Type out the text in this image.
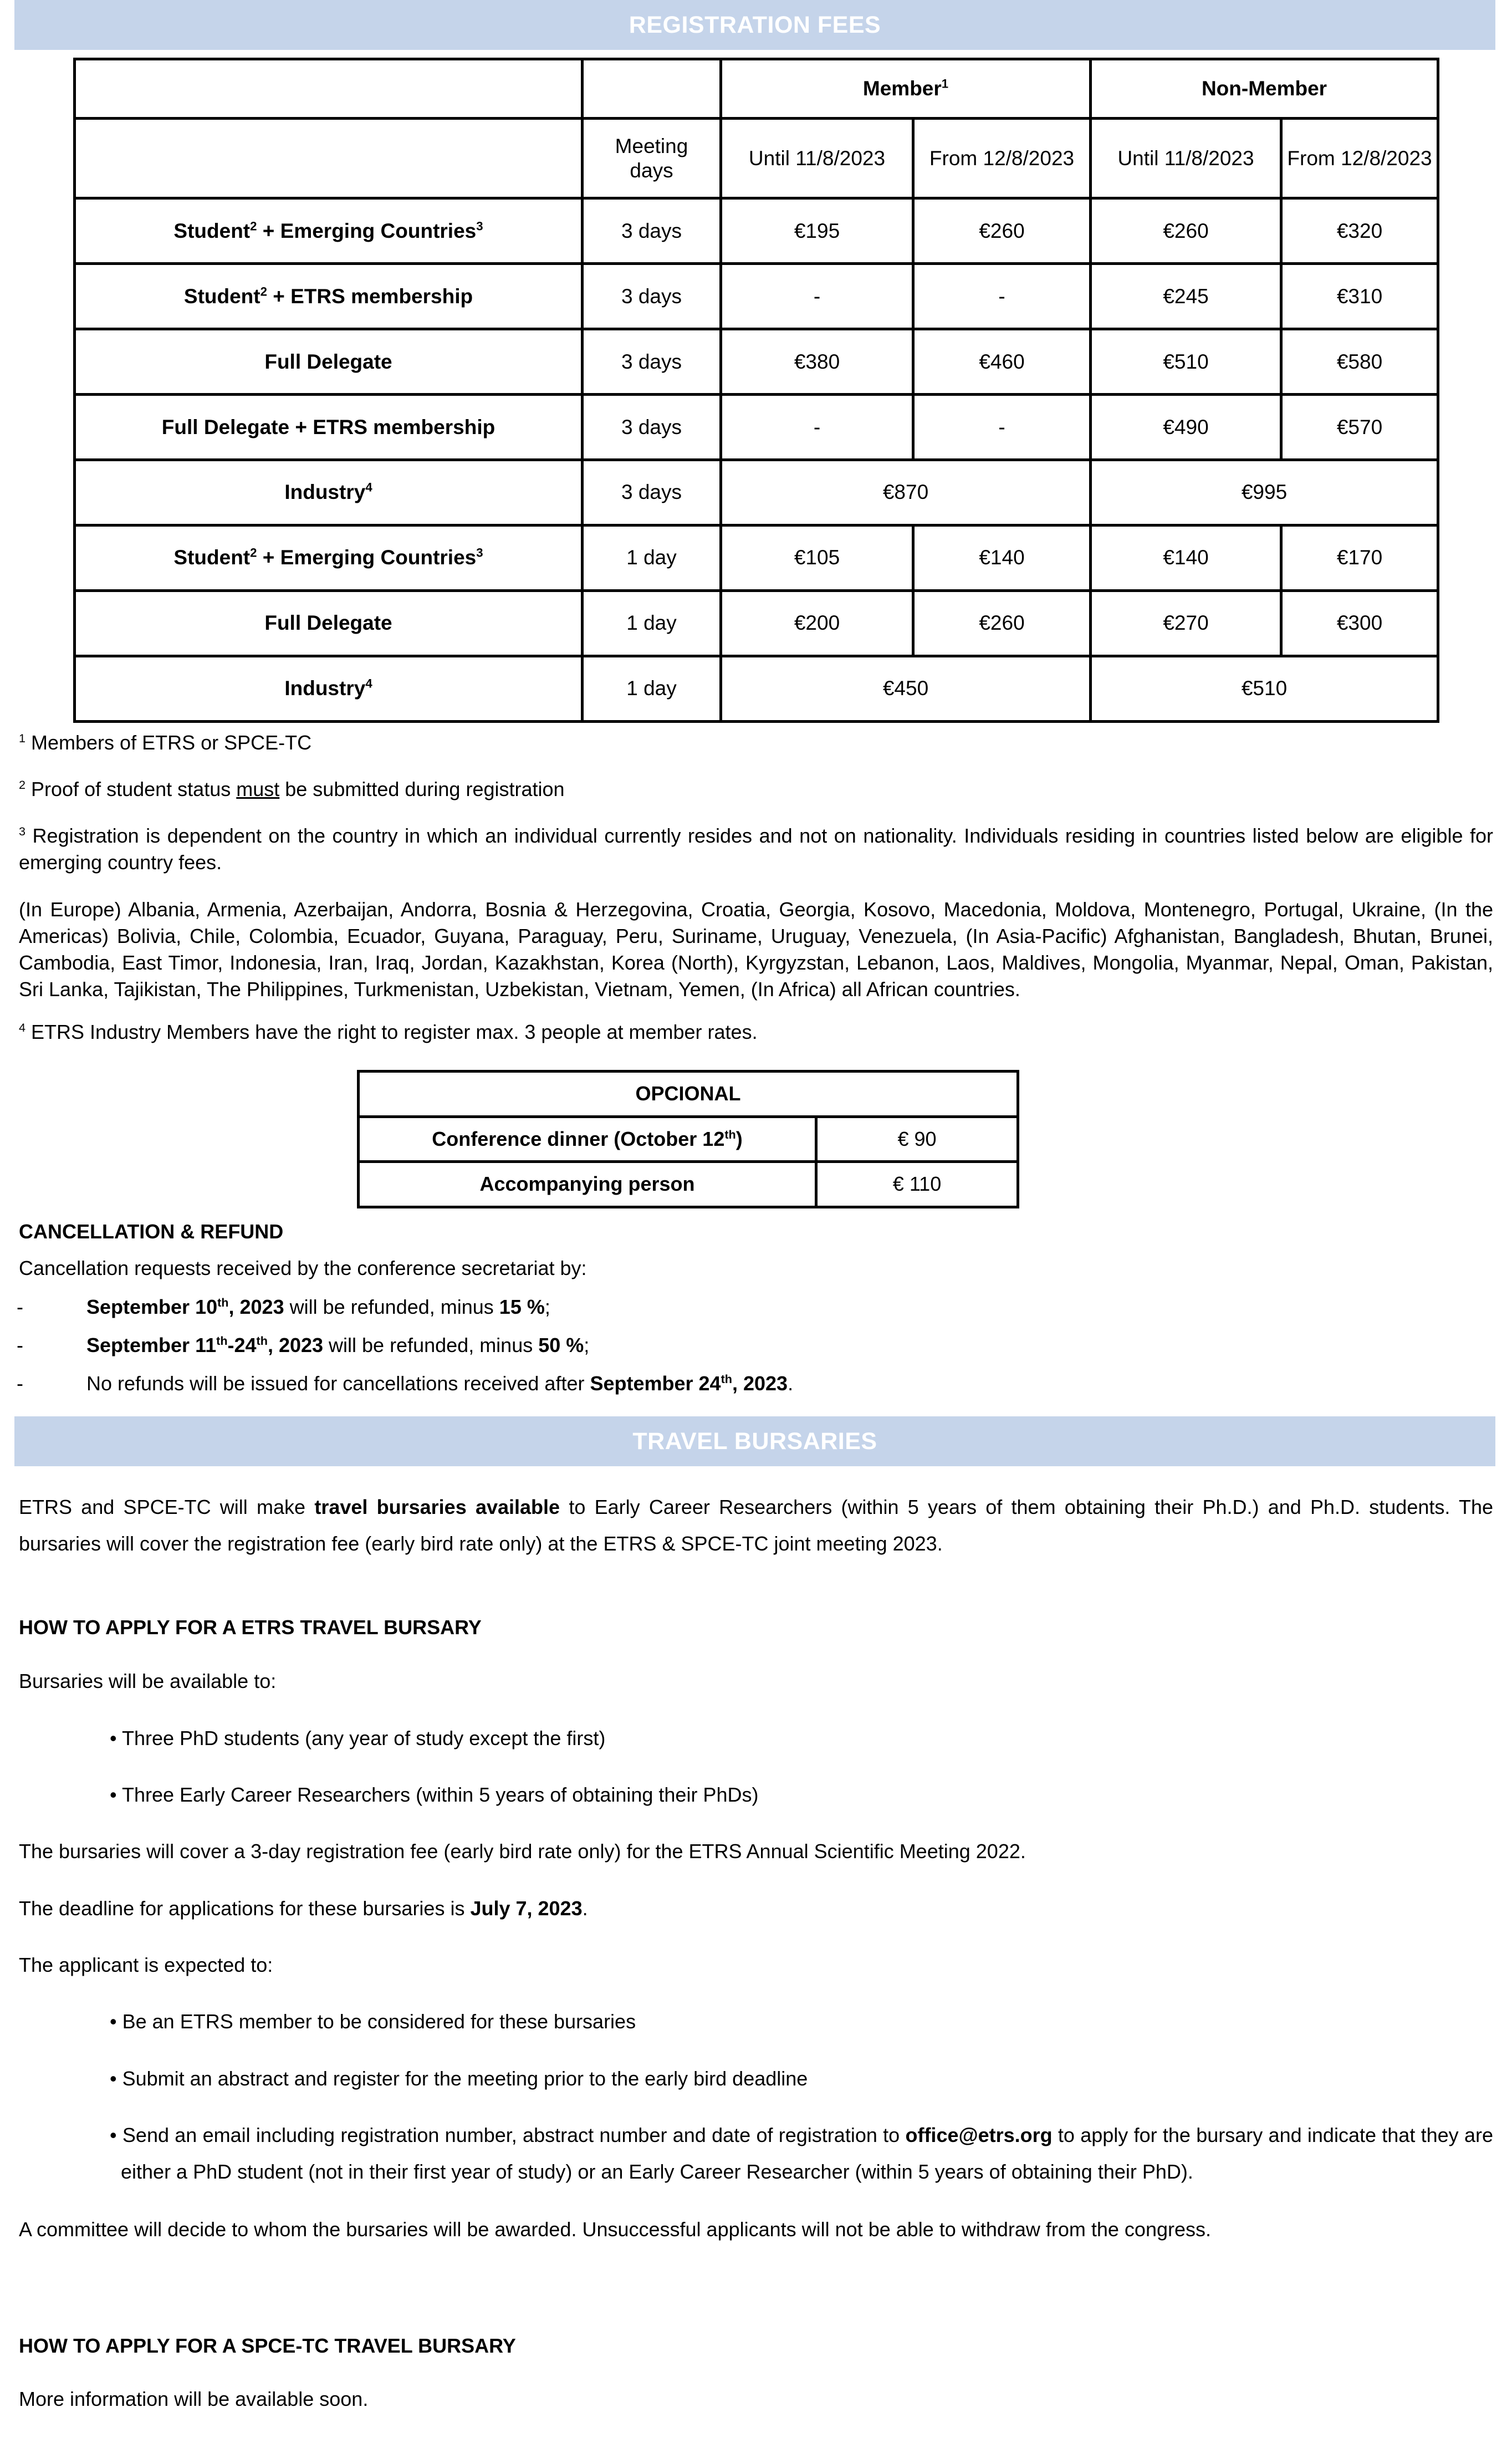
REGISTRATION FEES
		Member$^1$		Non-Member	

	Meeting days	Until 11/8/2023	From 12/8/2023	Until 11/8/2023	From 12/8/2023
Student$^2$ + Emerging Countries$^3$	3 days	€195	€260	€260	€320
Student$^2$ + ETRS membership	3 days	-	-	€245	€310
Full Delegate	3 days	€380	€460	€510	€580
Full Delegate + ETRS membership	3 days	-	-	€490	€570
Industry$^4$	3 days	€870		€995	
Student$^2$ + Emerging Countries$^3$	1 day	€105	€140	€140	€170
Full Delegate	1 day	€200	€260	€270	€300
Industry$^4$	1 day	€450		€510	
$^1$ Members of ETRS or SPCE-TC
$^2$ Proof of student status must be submitted during registration
$^3$ Registration is dependent on the country in which an individual currently resides and not on nationality. Individuals residing in countries listed below are eligible for emerging country fees.
(In Europe) Albania, Armenia, Azerbaijan, Andorra, Bosnia & Herzegovina, Croatia, Georgia, Kosovo, Macedonia, Moldova, Montenegro, Portugal, Ukraine, (In the Americas) Bolivia, Chile, Colombia, Ecuador, Guyana, Paraguay, Peru, Suriname, Uruguay, Venezuela, (In Asia-Pacific) Afghanistan, Bangladesh, Bhutan, Brunei, Cambodia, East Timor, Indonesia, Iran, Iraq, Jordan, Kazakhstan, Korea (North), Kyrgyzstan, Lebanon, Laos, Maldives, Mongolia, Myanmar, Nepal, Oman, Pakistan, Sri Lanka, Tajikistan, The Philippines, Turkmenistan, Uzbekistan, Vietnam, Yemen, (In Africa) all African countries.
$^4$ ETRS Industry Members have the right to register max. 3 people at member rates.
OPCIONAL	
Conference dinner (October 12th)	€ 90
Accompanying person	€ 110
CANCELLATION & REFUND
Cancellation requests received by the conference secretariat by:
-	September 10th, 2023 will be refunded, minus 15 %;
-	September 11th-24th, 2023 will be refunded, minus 50 %;
-	No refunds will be issued for cancellations received after September 24th, 2023.
TRAVEL BURSARIES
ETRS and SPCE-TC will make travel bursaries available to Early Career Researchers (within 5 years of them obtaining their Ph.D.) and Ph.D. students. The bursaries will cover the registration fee (early bird rate only) at the ETRS & SPCE-TC joint meeting 2023.
HOW TO APPLY FOR A ETRS TRAVEL BURSARY
Bursaries will be available to:
• Three PhD students (any year of study except the first)
• Three Early Career Researchers (within 5 years of obtaining their PhDs)
The bursaries will cover a 3-day registration fee (early bird rate only) for the ETRS Annual Scientific Meeting 2022.
The deadline for applications for these bursaries is July 7, 2023.
The applicant is expected to:
• Be an ETRS member to be considered for these bursaries
• Submit an abstract and register for the meeting prior to the early bird deadline
• Send an email including registration number, abstract number and date of registration to office@etrs.org to apply for the bursary and indicate that they are either a PhD student (not in their first year of study) or an Early Career Researcher (within 5 years of obtaining their PhD).
A committee will decide to whom the bursaries will be awarded. Unsuccessful applicants will not be able to withdraw from the congress.
HOW TO APPLY FOR A SPCE-TC TRAVEL BURSARY
More information will be available soon.
